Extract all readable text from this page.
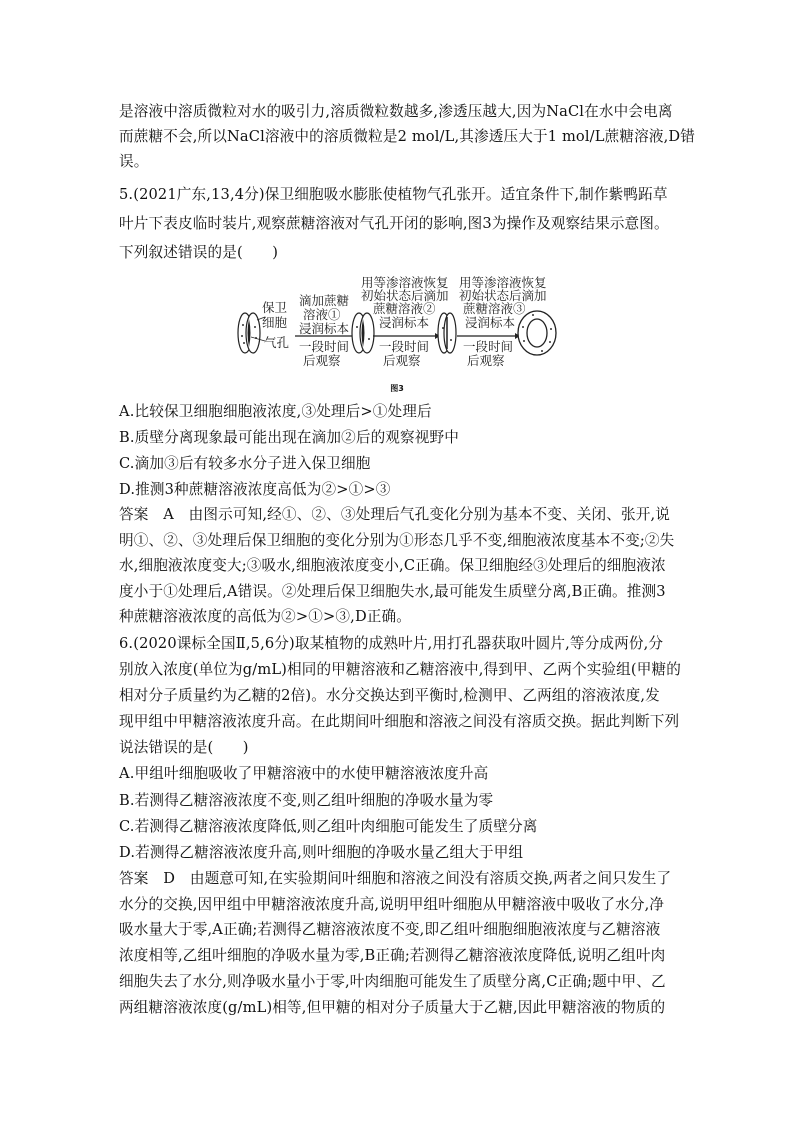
是溶液中溶质微粒对水的吸引力,溶质微粒数越多,渗透压越大,因为NaCl在水中会电离
而蔗糖不会,所以NaCl溶液中的溶质微粒是2 mol/L,其渗透压大于1 mol/L蔗糖溶液,D错
误。
5.(2021广东,13,4分)保卫细胞吸水膨胀使植物气孔张开。适宜条件下,制作紫鸭跖草
叶片下表皮临时装片,观察蔗糖溶液对气孔开闭的影响,图3为操作及观察结果示意图。
下列叙述错误的是(　　)
保卫
细胞
气孔
滴加蔗糖
溶液①
浸润标本
一段时间
后观察
用等渗溶液恢复
初始状态后滴加
蔗糖溶液②
浸润标本
一段时间
后观察
用等渗溶液恢复
初始状态后滴加
蔗糖溶液③
浸润标本
一段时间
后观察
图3
A.比较保卫细胞细胞液浓度,③处理后>①处理后
B.质壁分离现象最可能出现在滴加②后的观察视野中
C.滴加③后有较多水分子进入保卫细胞
D.推测3种蔗糖溶液浓度高低为②>①>③
答案　A　由图示可知,经①、②、③处理后气孔变化分别为基本不变、关闭、张开,说
明①、②、③处理后保卫细胞的变化分别为①形态几乎不变,细胞液浓度基本不变;②失
水,细胞液浓度变大;③吸水,细胞液浓度变小,C正确。保卫细胞经③处理后的细胞液浓
度小于①处理后,A错误。②处理后保卫细胞失水,最可能发生质壁分离,B正确。推测3
种蔗糖溶液浓度的高低为②>①>③,D正确。
6.(2020课标全国Ⅱ,5,6分)取某植物的成熟叶片,用打孔器获取叶圆片,等分成两份,分
别放入浓度(单位为g/mL)相同的甲糖溶液和乙糖溶液中,得到甲、乙两个实验组(甲糖的
相对分子质量约为乙糖的2倍)。水分交换达到平衡时,检测甲、乙两组的溶液浓度,发
现甲组中甲糖溶液浓度升高。在此期间叶细胞和溶液之间没有溶质交换。据此判断下列
说法错误的是(　　)
A.甲组叶细胞吸收了甲糖溶液中的水使甲糖溶液浓度升高
B.若测得乙糖溶液浓度不变,则乙组叶细胞的净吸水量为零
C.若测得乙糖溶液浓度降低,则乙组叶肉细胞可能发生了质壁分离
D.若测得乙糖溶液浓度升高,则叶细胞的净吸水量乙组大于甲组
答案　D　由题意可知,在实验期间叶细胞和溶液之间没有溶质交换,两者之间只发生了
水分的交换,因甲组中甲糖溶液浓度升高,说明甲组叶细胞从甲糖溶液中吸收了水分,净
吸水量大于零,A正确;若测得乙糖溶液浓度不变,即乙组叶细胞细胞液浓度与乙糖溶液
浓度相等,乙组叶细胞的净吸水量为零,B正确;若测得乙糖溶液浓度降低,说明乙组叶肉
细胞失去了水分,则净吸水量小于零,叶肉细胞可能发生了质壁分离,C正确;题中甲、乙
两组糖溶液浓度(g/mL)相等,但甲糖的相对分子质量大于乙糖,因此甲糖溶液的物质的
